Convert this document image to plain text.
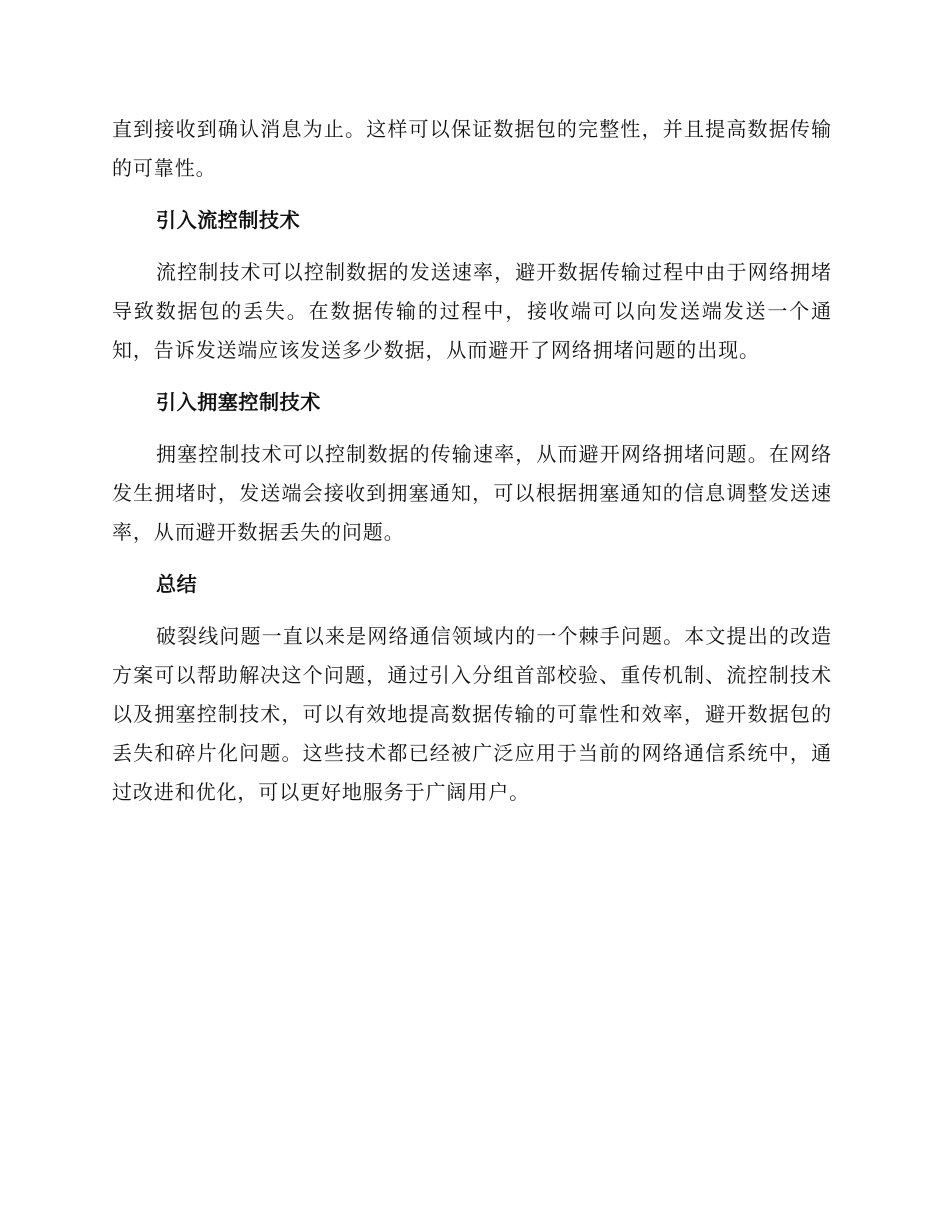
直到接收到确认消息为止。这样可以保证数据包的完整性，并且提高数据传输的可靠性。

引入流控制技术

流控制技术可以控制数据的发送速率，避开数据传输过程中由于网络拥堵导致数据包的丢失。在数据传输的过程中，接收端可以向发送端发送一个通知，告诉发送端应该发送多少数据，从而避开了网络拥堵问题的出现。

引入拥塞控制技术

拥塞控制技术可以控制数据的传输速率，从而避开网络拥堵问题。在网络发生拥堵时，发送端会接收到拥塞通知，可以根据拥塞通知的信息调整发送速率，从而避开数据丢失的问题。

总结

破裂线问题一直以来是网络通信领域内的一个棘手问题。本文提出的改造方案可以帮助解决这个问题，通过引入分组首部校验、重传机制、流控制技术以及拥塞控制技术，可以有效地提高数据传输的可靠性和效率，避开数据包的丢失和碎片化问题。这些技术都已经被广泛应用于当前的网络通信系统中，通过改进和优化，可以更好地服务于广阔用户。
